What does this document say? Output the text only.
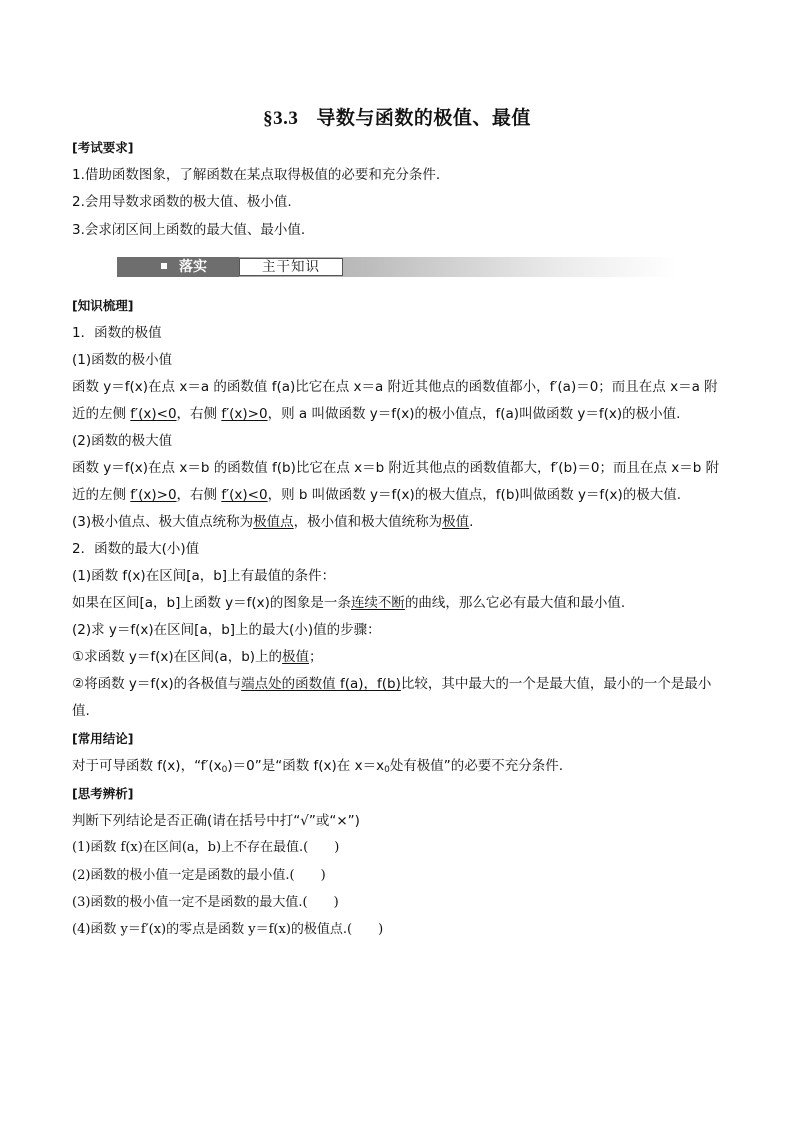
§3.3 导数与函数的极值、最值
[考试要求]
1.借助函数图象，了解函数在某点取得极值的必要和充分条件.
2.会用导数求函数的极大值、极小值.
3.会求闭区间上函数的最大值、最小值.
落实	主干知识
[知识梳理]
1．函数的极值
(1)函数的极小值
函数 y＝f(x)在点 x＝a 的函数值 f(a)比它在点 x＝a 附近其他点的函数值都小，f′(a)＝0；而且在点 x＝a 附
近的左侧 f′(x)<0，右侧 f′(x)>0，则 a 叫做函数 y＝f(x)的极小值点，f(a)叫做函数 y＝f(x)的极小值.
(2)函数的极大值
函数 y＝f(x)在点 x＝b 的函数值 f(b)比它在点 x＝b 附近其他点的函数值都大，f′(b)＝0；而且在点 x＝b 附
近的左侧 f′(x)>0，右侧 f′(x)<0，则 b 叫做函数 y＝f(x)的极大值点，f(b)叫做函数 y＝f(x)的极大值.
(3)极小值点、极大值点统称为极值点，极小值和极大值统称为极值.
2．函数的最大(小)值
(1)函数 f(x)在区间[a，b]上有最值的条件：
如果在区间[a，b]上函数 y＝f(x)的图象是一条连续不断的曲线，那么它必有最大值和最小值.
(2)求 y＝f(x)在区间[a，b]上的最大(小)值的步骤：
①求函数 y＝f(x)在区间(a，b)上的极值；
②将函数 y＝f(x)的各极值与端点处的函数值 f(a)，f(b)比较，其中最大的一个是最大值，最小的一个是最小
值.
[常用结论]
对于可导函数 f(x)，“$f'(x_0)=0$”是“函数 f(x)在 $x=x_0$处有极值”的必要不充分条件.
[思考辨析]
判断下列结论是否正确(请在括号中打“√”或“×”)
(1)函数 f(x)在区间(a，b)上不存在最值.(　　)
(2)函数的极小值一定是函数的最小值.(　　)
(3)函数的极小值一定不是函数的最大值.(　　)
(4)函数 y＝f′(x)的零点是函数 y＝f(x)的极值点.(　　)
